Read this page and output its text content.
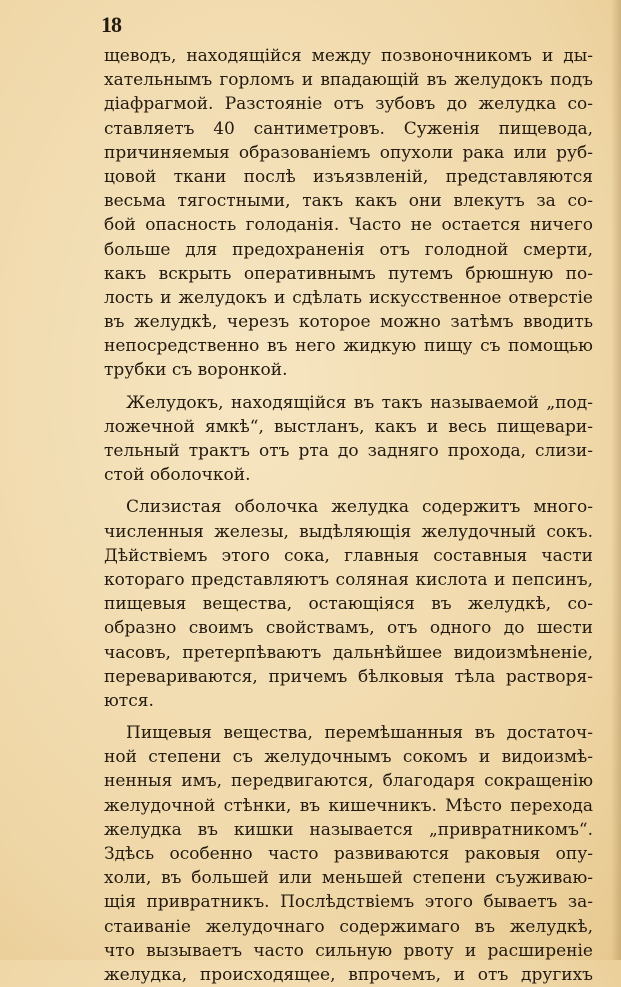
18
щеводъ, находящійся между позвоночникомъ и ды-
хательнымъ горломъ и впадающій въ желудокъ подъ
діафрагмой. Разстояніе отъ зубовъ до желудка со-
ставляетъ 40 сантиметровъ. Суженія пищевода,
причиняемыя образованіемъ опухоли рака или руб-
цовой ткани послѣ изъязвленій, представляются
весьма тягостными, такъ какъ они влекутъ за со-
бой опасность голоданія. Часто не остается ничего
больше для предохраненія отъ голодной смерти,
какъ вскрыть оперативнымъ путемъ брюшную по-
лость и желудокъ и сдѣлать искусственное отверстіе
въ желудкѣ, черезъ которое можно затѣмъ вводить
непосредственно въ него жидкую пищу съ помощью
трубки съ воронкой.
Желудокъ, находящійся въ такъ называемой „под-
ложечной ямкѣ“, выстланъ, какъ и весь пищевари-
тельный трактъ отъ рта до задняго прохода, слизи-
стой оболочкой.
Слизистая оболочка желудка содержитъ много-
численныя железы, выдѣляющія желудочный сокъ.
Дѣйствіемъ этого сока, главныя составныя части
котораго представляютъ соляная кислота и пепсинъ,
пищевыя вещества, остающіяся въ желудкѣ, со-
образно своимъ свойствамъ, отъ одного до шести
часовъ, претерпѣваютъ дальнѣйшее видоизмѣненіе,
перевариваются, причемъ бѣлковыя тѣла растворя-
ются.
Пищевыя вещества, перемѣшанныя въ достаточ-
ной степени съ желудочнымъ сокомъ и видоизмѣ-
ненныя имъ, передвигаются, благодаря сокращенію
желудочной стѣнки, въ кишечникъ. Мѣсто перехода
желудка въ кишки называется „привратникомъ“.
Здѣсь особенно часто развиваются раковыя опу-
холи, въ большей или меньшей степени съуживаю-
щія привратникъ. Послѣдствіемъ этого бываетъ за-
стаиваніе желудочнаго содержимаго въ желудкѣ,
что вызываетъ часто сильную рвоту и расширеніе
желудка, происходящее, впрочемъ, и отъ другихъ
